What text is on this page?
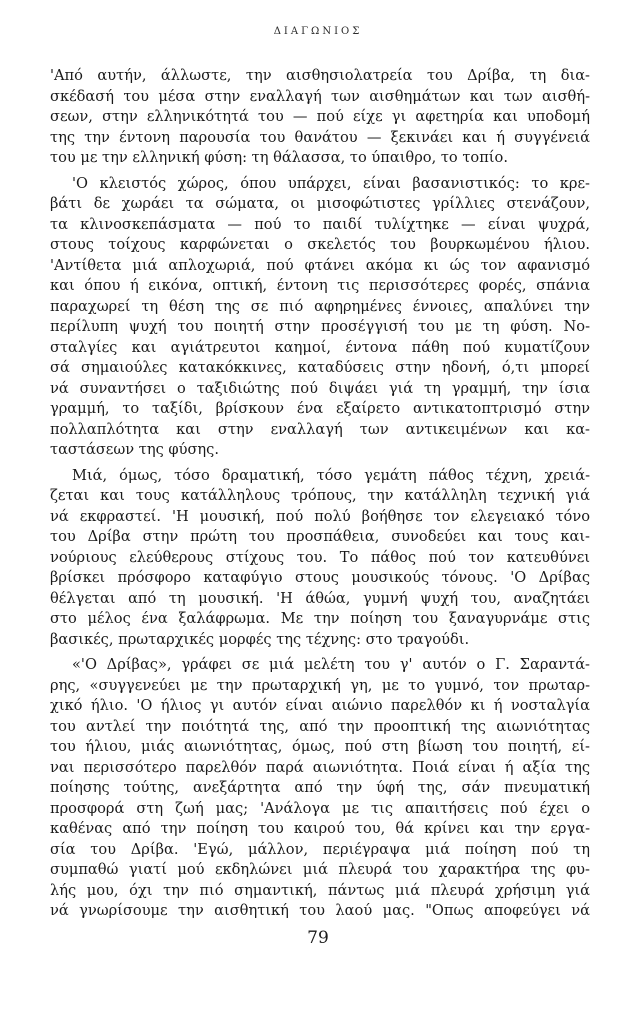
ΔΙΑΓΩΝΙΟΣ
'Από αυτήν, άλλωστε, την αισθησιολατρεία του Δρίβα, τη δια-
σκέδασή του μέσα στην εναλλαγή των αισθημάτων και των αισθή-
σεων, στην ελληνικότητά του — πού είχε γι αφετηρία και υποδομή
της την έντονη παρουσία του θανάτου — ξεκινάει και ή συγγένειά
του με την ελληνική φύση: τη θάλασσα, το ύπαιθρο, το τοπίο.
'Ο κλειστός χώρος, όπου υπάρχει, είναι βασανιστικός: το κρε-
βάτι δε χωράει τα σώματα, οι μισοφώτιστες γρίλλιες στενάζουν,
τα κλινοσκεπάσματα — πού το παιδί τυλίχτηκε — είναι ψυχρά,
στους τοίχους καρφώνεται ο σκελετός του βουρκωμένου ήλιου.
'Αντίθετα μιά απλοχωριά, πού φτάνει ακόμα κι ώς τον αφανισμό
και όπου ή εικόνα, οπτική, έντονη τις περισσότερες φορές, σπάνια
παραχωρεί τη θέση της σε πιό αφηρημένες έννοιες, απαλύνει την
περίλυπη ψυχή του ποιητή στην προσέγγισή του με τη φύση. Νο-
σταλγίες και αγιάτρευτοι καημοί, έντονα πάθη πού κυματίζουν
σά σημαιούλες κατακόκκινες, καταδύσεις στην ηδονή, ό,τι μπορεί
νά συναντήσει ο ταξιδιώτης πού διψάει γιά τη γραμμή, την ίσια
γραμμή, το ταξίδι, βρίσκουν ένα εξαίρετο αντικατοπτρισμό στην
πολλαπλότητα και στην εναλλαγή των αντικειμένων και κα-
ταστάσεων της φύσης.
Μιά, όμως, τόσο δραματική, τόσο γεμάτη πάθος τέχνη, χρειά-
ζεται και τους κατάλληλους τρόπους, την κατάλληλη τεχνική γιά
νά εκφραστεί. 'Η μουσική, πού πολύ βοήθησε τον ελεγειακό τόνο
του Δρίβα στην πρώτη του προσπάθεια, συνοδεύει και τους και-
νούριους ελεύθερους στίχους του. Το πάθος πού τον κατευθύνει
βρίσκει πρόσφορο καταφύγιο στους μουσικούς τόνους. 'Ο Δρίβας
θέλγεται από τη μουσική. 'Η άθώα, γυμνή ψυχή του, αναζητάει
στο μέλος ένα ξαλάφρωμα. Με την ποίηση του ξαναγυρνάμε στις
βασικές, πρωταρχικές μορφές της τέχνης: στο τραγούδι.
«'Ο Δρίβας», γράφει σε μιά μελέτη του γ' αυτόν ο Γ. Σαραντά-
ρης, «συγγενεύει με την πρωταρχική γη, με το γυμνό, τον πρωταρ-
χικό ήλιο. 'Ο ήλιος γι αυτόν είναι αιώνιο παρελθόν κι ή νοσταλγία
του αντλεί την ποιότητά της, από την προοπτική της αιωνιότητας
του ήλιου, μιάς αιωνιότητας, όμως, πού στη βίωση του ποιητή, εί-
ναι περισσότερο παρελθόν παρά αιωνιότητα. Ποιά είναι ή αξία της
ποίησης τούτης, ανεξάρτητα από την ύφή της, σάν πνευματική
προσφορά στη ζωή μας; 'Ανάλογα με τις απαιτήσεις πού έχει ο
καθένας από την ποίηση του καιρού του, θά κρίνει και την εργα-
σία του Δρίβα. 'Εγώ, μάλλον, περιέγραψα μιά ποίηση πού τη
συμπαθώ γιατί μού εκδηλώνει μιά πλευρά του χαρακτήρα της φυ-
λής μου, όχι την πιό σημαντική, πάντως μιά πλευρά χρήσιμη γιά
νά γνωρίσουμε την αισθητική του λαού μας. "Οπως αποφεύγει νά
79
